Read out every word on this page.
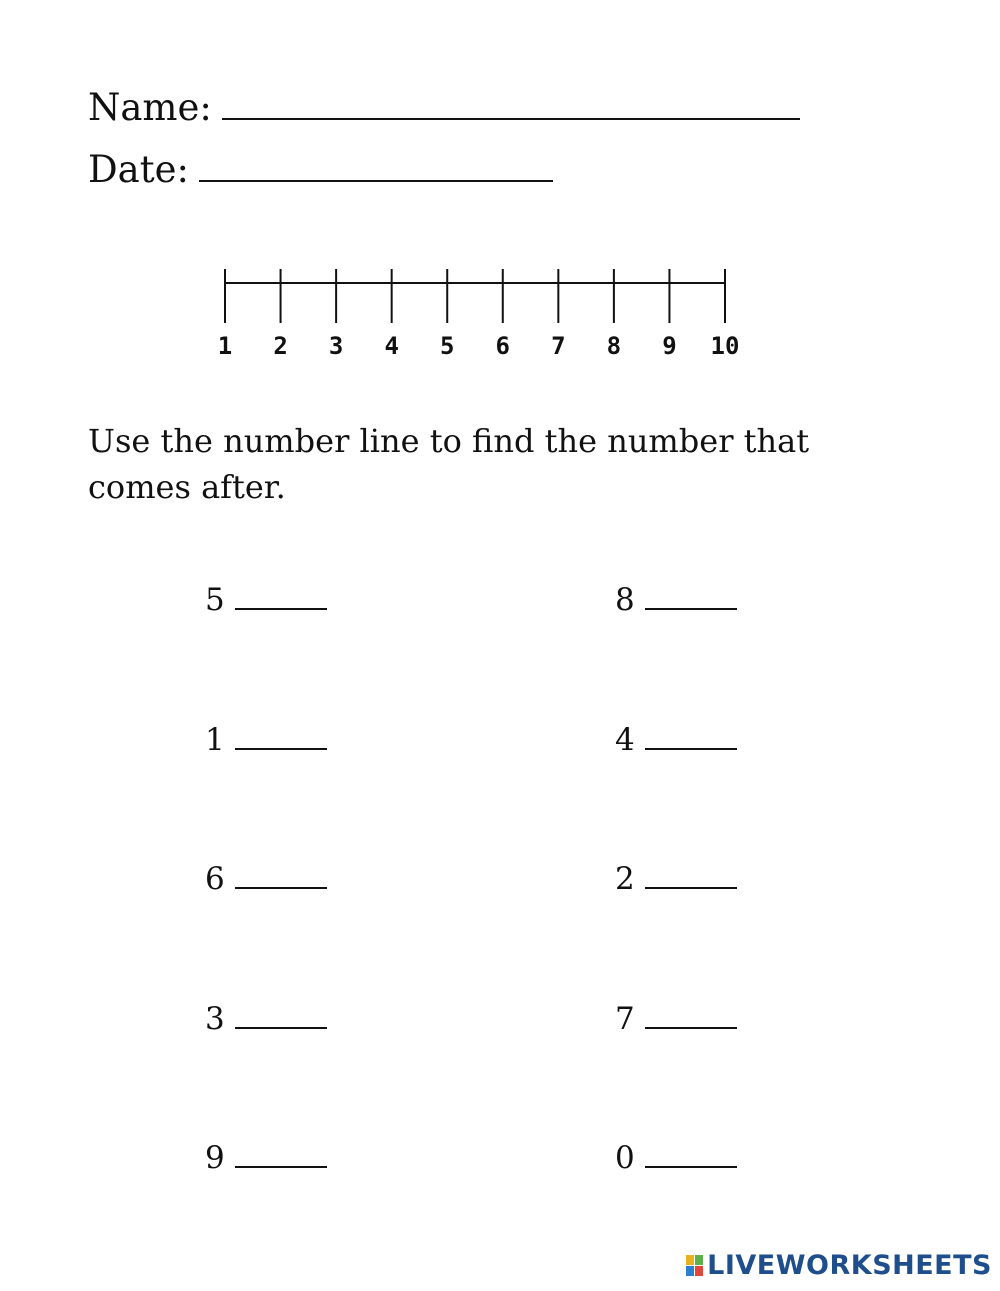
Name:
Date:
1 2 3 4 5 6 7 8 9 10

Use the number line to find the number that comes after.

5
1
6
3
9
8
4
2
7
0
LIVEWORKSHEETS
